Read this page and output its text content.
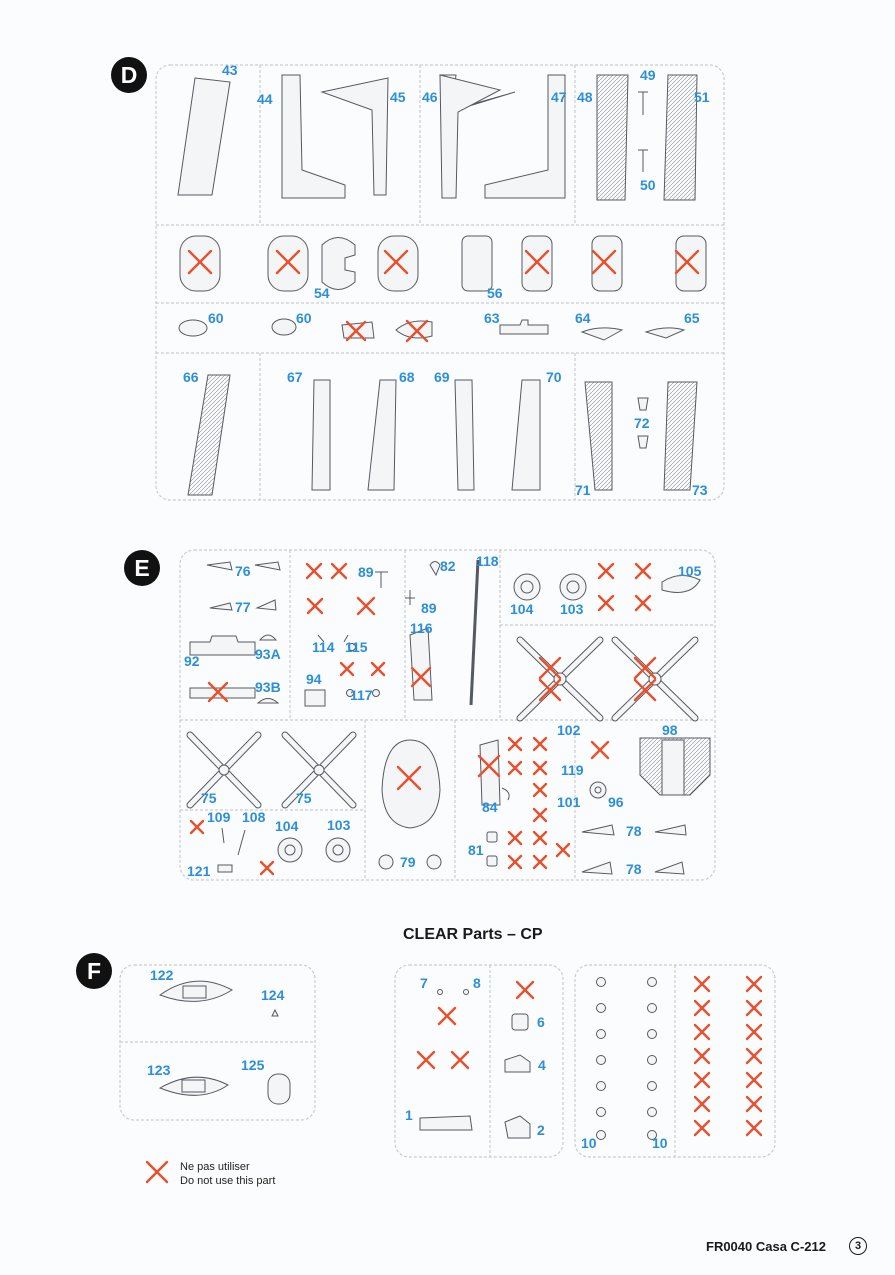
43
44	45 46	47 48
49
50
51
54	56
60	60	63	64	65
66	67	68 69	70
71
72
73
76
77
92	93A
93B 94
89
89
82 118
104 103
105
114 115
116
117
75	75
109 108
104 103
121
79
102	98
119
101 96
84
81
78
78
122
124
123	125
7	8
6
4
1
2
10	10
D
E
F
CLEAR Parts – CP
Ne pas utiliser
Do not use this part
FR0040 Casa C-212	3
